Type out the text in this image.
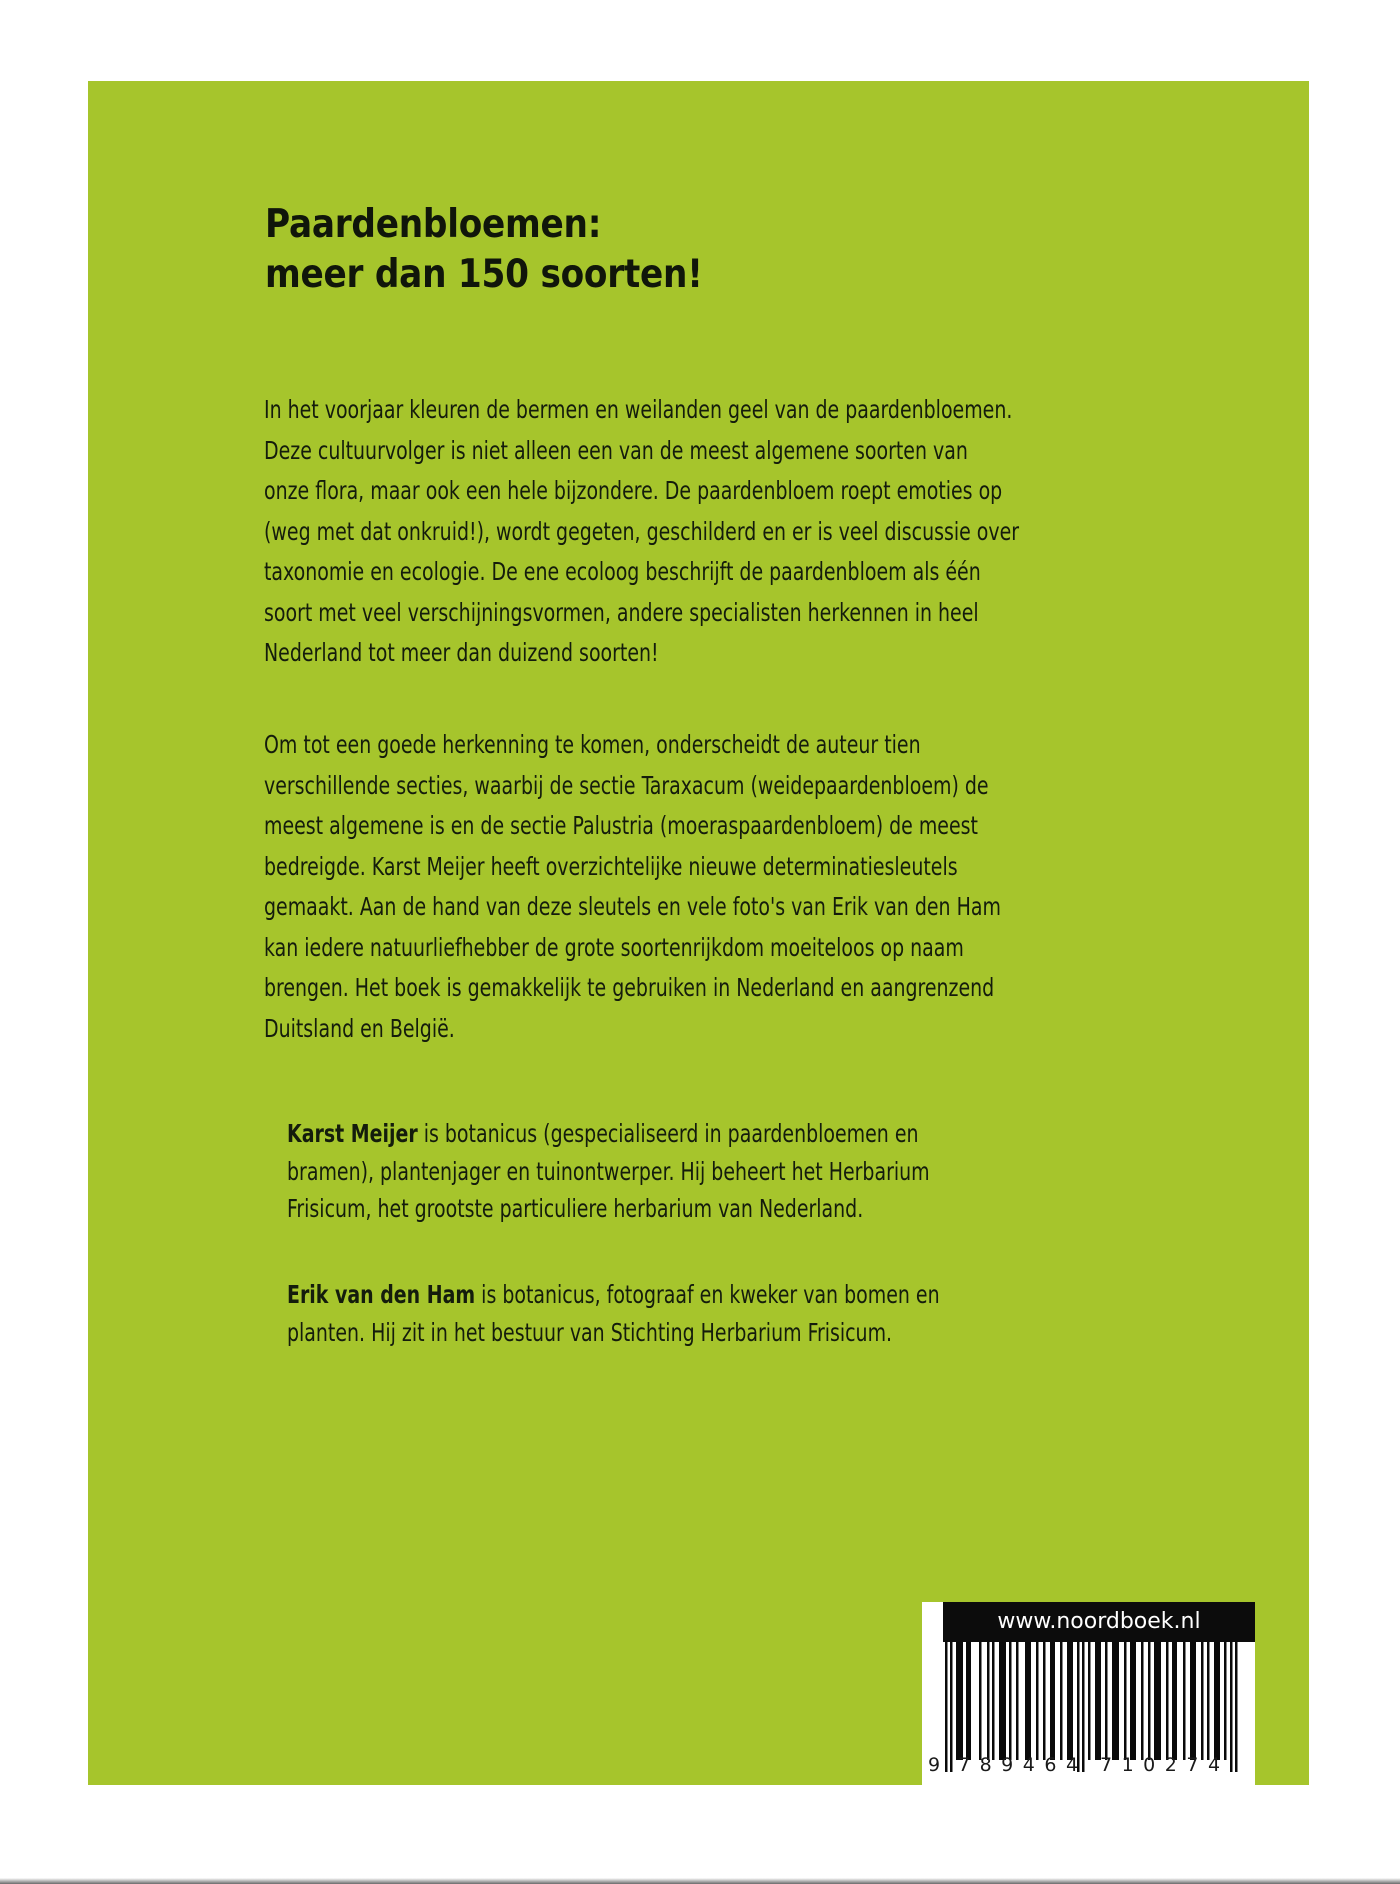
Paardenbloemen:
meer dan 150 soorten!

In het voorjaar kleuren de bermen en weilanden geel van de paardenbloemen.
Deze cultuurvolger is niet alleen een van de meest algemene soorten van
onze flora, maar ook een hele bijzondere. De paardenbloem roept emoties op
(weg met dat onkruid!), wordt gegeten, geschilderd en er is veel discussie over
taxonomie en ecologie. De ene ecoloog beschrijft de paardenbloem als één
soort met veel verschijningsvormen, andere specialisten herkennen in heel
Nederland tot meer dan duizend soorten!

Om tot een goede herkenning te komen, onderscheidt de auteur tien
verschillende secties, waarbij de sectie Taraxacum (weidepaardenbloem) de
meest algemene is en de sectie Palustria (moeraspaardenbloem) de meest
bedreigde. Karst Meijer heeft overzichtelijke nieuwe determinatiesleutels
gemaakt. Aan de hand van deze sleutels en vele foto's van Erik van den Ham
kan iedere natuurliefhebber de grote soortenrijkdom moeiteloos op naam
brengen. Het boek is gemakkelijk te gebruiken in Nederland en aangrenzend
Duitsland en België.

Karst Meijer is botanicus (gespecialiseerd in paardenbloemen en
bramen), plantenjager en tuinontwerper. Hij beheert het Herbarium
Frisicum, het grootste particuliere herbarium van Nederland.

Erik van den Ham is botanicus, fotograaf en kweker van bomen en
planten. Hij zit in het bestuur van Stichting Herbarium Frisicum.

www.noordboek.nl
9 789464 710274
